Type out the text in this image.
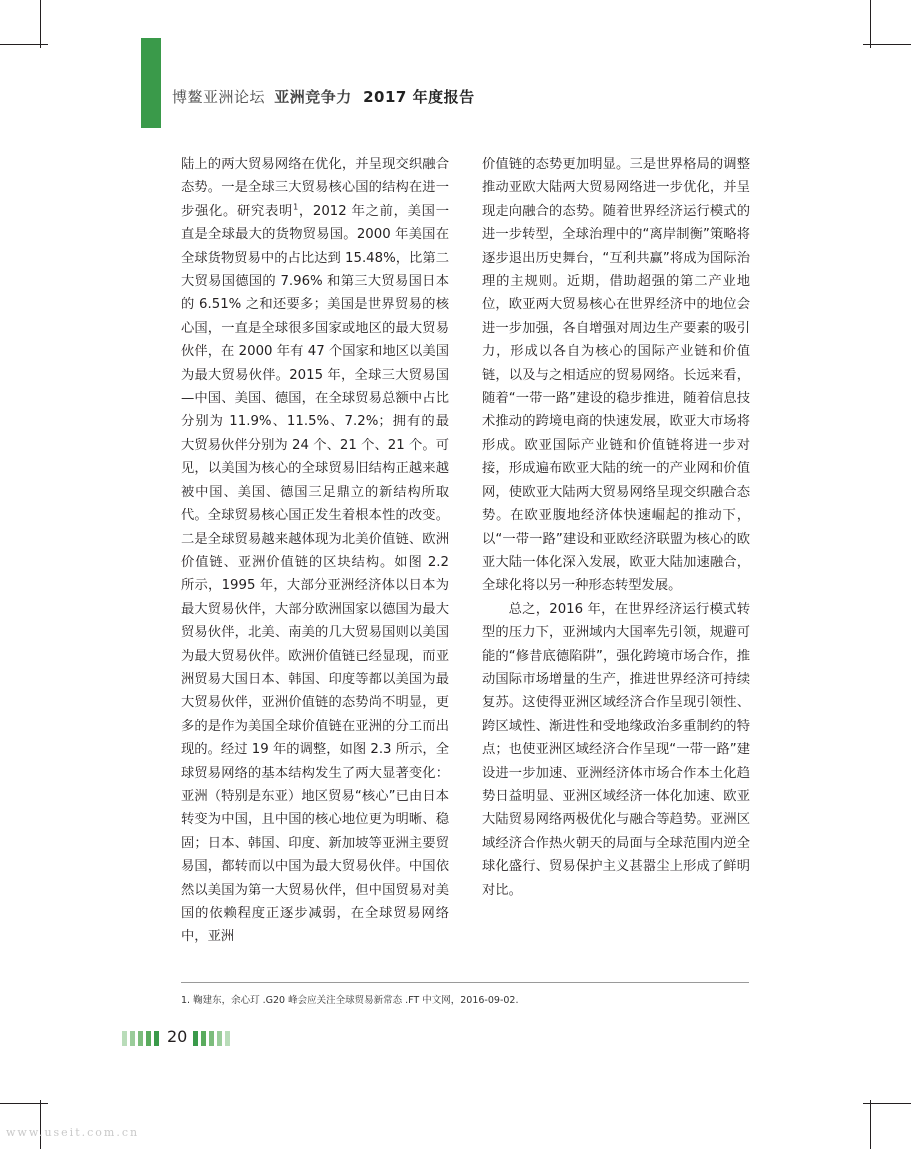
博鳌亚洲论坛 亚洲竞争力 2017 年度报告

陆上的两大贸易网络在优化，并呈现交织融合态势。一是全球三大贸易核心国的结构在进一步强化。研究表明$^1$，2012 年之前，美国一直是全球最大的货物贸易国。2000 年美国在全球货物贸易中的占比达到 15.48%，比第二大贸易国德国的 7.96% 和第三大贸易国日本的 6.51% 之和还要多；美国是世界贸易的核心国，一直是全球很多国家或地区的最大贸易伙伴，在 2000 年有 47 个国家和地区以美国为最大贸易伙伴。2015 年，全球三大贸易国—中国、美国、德国，在全球贸易总额中占比分别为 11.9%、11.5%、7.2%；拥有的最大贸易伙伴分别为 24 个、21 个、21 个。可见，以美国为核心的全球贸易旧结构正越来越被中国、美国、德国三足鼎立的新结构所取代。全球贸易核心国正发生着根本性的改变。二是全球贸易越来越体现为北美价值链、欧洲价值链、亚洲价值链的区块结构。如图 2.2 所示，1995 年，大部分亚洲经济体以日本为最大贸易伙伴，大部分欧洲国家以德国为最大贸易伙伴，北美、南美的几大贸易国则以美国为最大贸易伙伴。欧洲价值链已经显现，而亚洲贸易大国日本、韩国、印度等都以美国为最大贸易伙伴，亚洲价值链的态势尚不明显，更多的是作为美国全球价值链在亚洲的分工而出现的。经过 19 年的调整，如图 2.3 所示，全球贸易网络的基本结构发生了两大显著变化：亚洲（特别是东亚）地区贸易“核心”已由日本转变为中国，且中国的核心地位更为明晰、稳固；日本、韩国、印度、新加坡等亚洲主要贸易国，都转而以中国为最大贸易伙伴。中国依然以美国为第一大贸易伙伴，但中国贸易对美国的依赖程度正逐步减弱，在全球贸易网络中，亚洲

价值链的态势更加明显。三是世界格局的调整推动亚欧大陆两大贸易网络进一步优化，并呈现走向融合的态势。随着世界经济运行模式的进一步转型，全球治理中的“离岸制衡”策略将逐步退出历史舞台，“互利共赢”将成为国际治理的主规则。近期，借助超强的第二产业地位，欧亚两大贸易核心在世界经济中的地位会进一步加强，各自增强对周边生产要素的吸引力，形成以各自为核心的国际产业链和价值链，以及与之相适应的贸易网络。长远来看，随着“一带一路”建设的稳步推进，随着信息技术推动的跨境电商的快速发展，欧亚大市场将形成。欧亚国际产业链和价值链将进一步对接，形成遍布欧亚大陆的统一的产业网和价值网，使欧亚大陆两大贸易网络呈现交织融合态势。在欧亚腹地经济体快速崛起的推动下，以“一带一路”建设和亚欧经济联盟为核心的欧亚大陆一体化深入发展，欧亚大陆加速融合，全球化将以另一种形态转型发展。

总之，2016 年，在世界经济运行模式转型的压力下，亚洲域内大国率先引领，规避可能的“修昔底德陷阱”，强化跨境市场合作，推动国际市场增量的生产，推进世界经济可持续复苏。这使得亚洲区域经济合作呈现引领性、跨区域性、渐进性和受地缘政治多重制约的特点；也使亚洲区域经济合作呈现“一带一路”建设进一步加速、亚洲经济体市场合作本土化趋势日益明显、亚洲区域经济一体化加速、欧亚大陆贸易网络两极优化与融合等趋势。亚洲区域经济合作热火朝天的局面与全球范围内逆全球化盛行、贸易保护主义甚嚣尘上形成了鲜明对比。

1. 鞠建东，余心玎 .G20 峰会应关注全球贸易新常态 .FT 中文网，2016-09-02.
20
www.useit.com.cn
